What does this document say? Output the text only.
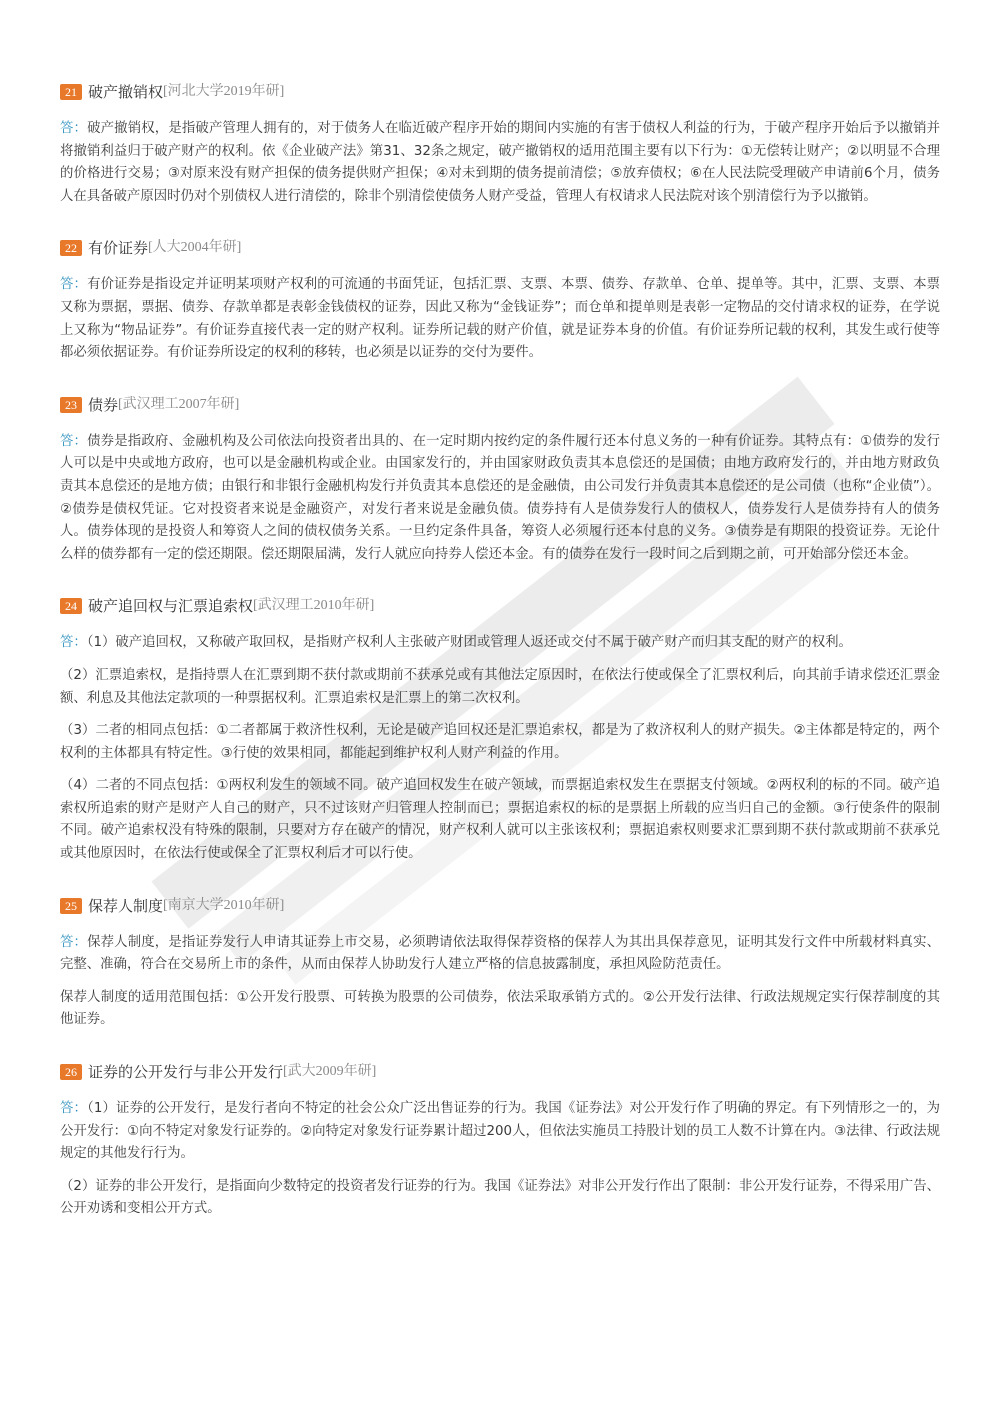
21 破产撤销权 [河北大学2019年研]

答：破产撤销权，是指破产管理人拥有的，对于债务人在临近破产程序开始的期间内实施的有害于债权人利益的行为，于破产程序开始后予以撤销并将撤销利益归于破产财产的权利。依《企业破产法》第31、32条之规定，破产撤销权的适用范围主要有以下行为：①无偿转让财产；②以明显不合理的价格进行交易；③对原来没有财产担保的债务提供财产担保；④对未到期的债务提前清偿；⑤放弃债权；⑥在人民法院受理破产申请前6个月，债务人在具备破产原因时仍对个别债权人进行清偿的，除非个别清偿使债务人财产受益，管理人有权请求人民法院对该个别清偿行为予以撤销。

22 有价证券 [人大2004年研]

答：有价证券是指设定并证明某项财产权利的可流通的书面凭证，包括汇票、支票、本票、债券、存款单、仓单、提单等。其中，汇票、支票、本票又称为票据，票据、债券、存款单都是表彰金钱债权的证券，因此又称为“金钱证券”；而仓单和提单则是表彰一定物品的交付请求权的证券，在学说上又称为“物品证券”。有价证券直接代表一定的财产权利。证券所记载的财产价值，就是证券本身的价值。有价证券所记载的权利，其发生或行使等都必须依据证券。有价证券所设定的权利的移转，也必须是以证券的交付为要件。

23 债券 [武汉理工2007年研]

答：债券是指政府、金融机构及公司依法向投资者出具的、在一定时期内按约定的条件履行还本付息义务的一种有价证券。其特点有：①债券的发行人可以是中央或地方政府，也可以是金融机构或企业。由国家发行的，并由国家财政负责其本息偿还的是国债；由地方政府发行的，并由地方财政负责其本息偿还的是地方债；由银行和非银行金融机构发行并负责其本息偿还的是金融债，由公司发行并负责其本息偿还的是公司债（也称“企业债”）。②债券是债权凭证。它对投资者来说是金融资产，对发行者来说是金融负债。债券持有人是债券发行人的债权人，债券发行人是债券持有人的债务人。债券体现的是投资人和筹资人之间的债权债务关系。一旦约定条件具备，筹资人必须履行还本付息的义务。③债券是有期限的投资证券。无论什么样的债券都有一定的偿还期限。偿还期限届满，发行人就应向持券人偿还本金。有的债券在发行一段时间之后到期之前，可开始部分偿还本金。

24 破产追回权与汇票追索权 [武汉理工2010年研]

答：（1）破产追回权，又称破产取回权，是指财产权利人主张破产财团或管理人返还或交付不属于破产财产而归其支配的财产的权利。

（2）汇票追索权，是指持票人在汇票到期不获付款或期前不获承兑或有其他法定原因时，在依法行使或保全了汇票权利后，向其前手请求偿还汇票金额、利息及其他法定款项的一种票据权利。汇票追索权是汇票上的第二次权利。

（3）二者的相同点包括：①二者都属于救济性权利，无论是破产追回权还是汇票追索权，都是为了救济权利人的财产损失。②主体都是特定的，两个权利的主体都具有特定性。③行使的效果相同，都能起到维护权利人财产利益的作用。

（4）二者的不同点包括：①两权利发生的领域不同。破产追回权发生在破产领域，而票据追索权发生在票据支付领域。②两权利的标的不同。破产追索权所追索的财产是财产人自己的财产，只不过该财产归管理人控制而已；票据追索权的标的是票据上所载的应当归自己的金额。③行使条件的限制不同。破产追索权没有特殊的限制，只要对方存在破产的情况，财产权利人就可以主张该权利；票据追索权则要求汇票到期不获付款或期前不获承兑或其他原因时，在依法行使或保全了汇票权利后才可以行使。

25 保荐人制度 [南京大学2010年研]

答：保荐人制度，是指证券发行人申请其证券上市交易，必须聘请依法取得保荐资格的保荐人为其出具保荐意见，证明其发行文件中所载材料真实、完整、准确，符合在交易所上市的条件，从而由保荐人协助发行人建立严格的信息披露制度，承担风险防范责任。

保荐人制度的适用范围包括：①公开发行股票、可转换为股票的公司债券，依法采取承销方式的。②公开发行法律、行政法规规定实行保荐制度的其他证券。

26 证券的公开发行与非公开发行 [武大2009年研]

答：（1）证券的公开发行，是发行者向不特定的社会公众广泛出售证券的行为。我国《证券法》对公开发行作了明确的界定。有下列情形之一的，为公开发行：①向不特定对象发行证券的。②向特定对象发行证券累计超过200人，但依法实施员工持股计划的员工人数不计算在内。③法律、行政法规规定的其他发行行为。

（2）证券的非公开发行，是指面向少数特定的投资者发行证券的行为。我国《证券法》对非公开发行作出了限制：非公开发行证券，不得采用广告、公开劝诱和变相公开方式。
